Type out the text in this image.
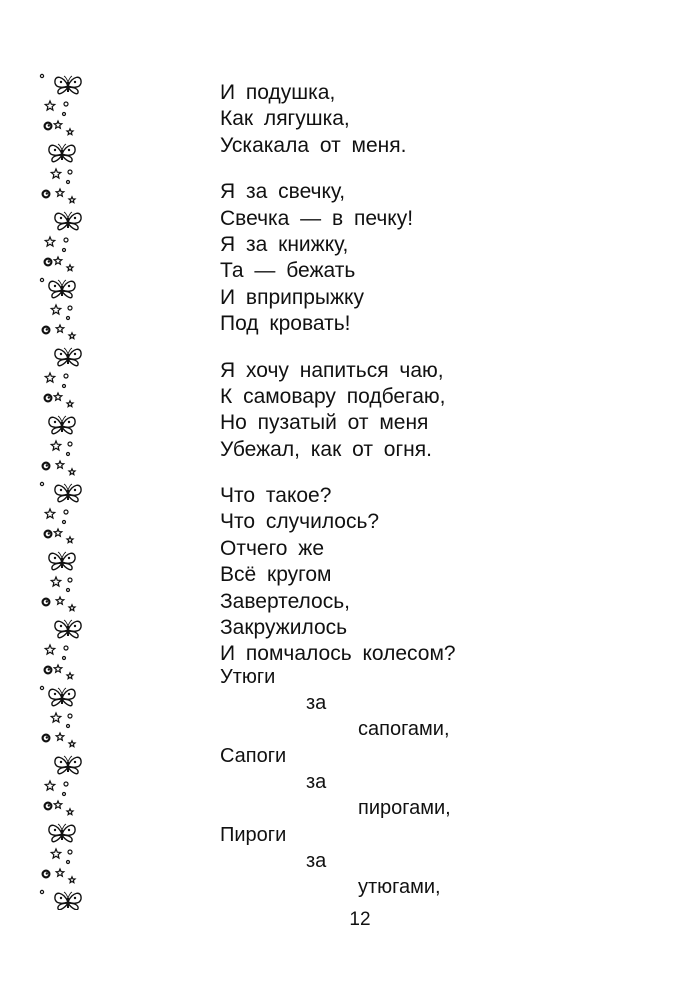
И подушка,
Как лягушка,
Ускакала от меня.
Я за свечку,
Свечка — в печку!
Я за книжку,
Та — бежать
И вприпрыжку
Под кровать!
Я хочу напиться чаю,
К самовару подбегаю,
Но пузатый от меня
Убежал, как от огня.
Что такое?
Что случилось?
Отчего же
Всё кругом
Завертелось,
Закружилось
И помчалось колесом?
Утюги
за
сапогами,
Сапоги
за
пирогами,
Пироги
за
утюгами,
12
